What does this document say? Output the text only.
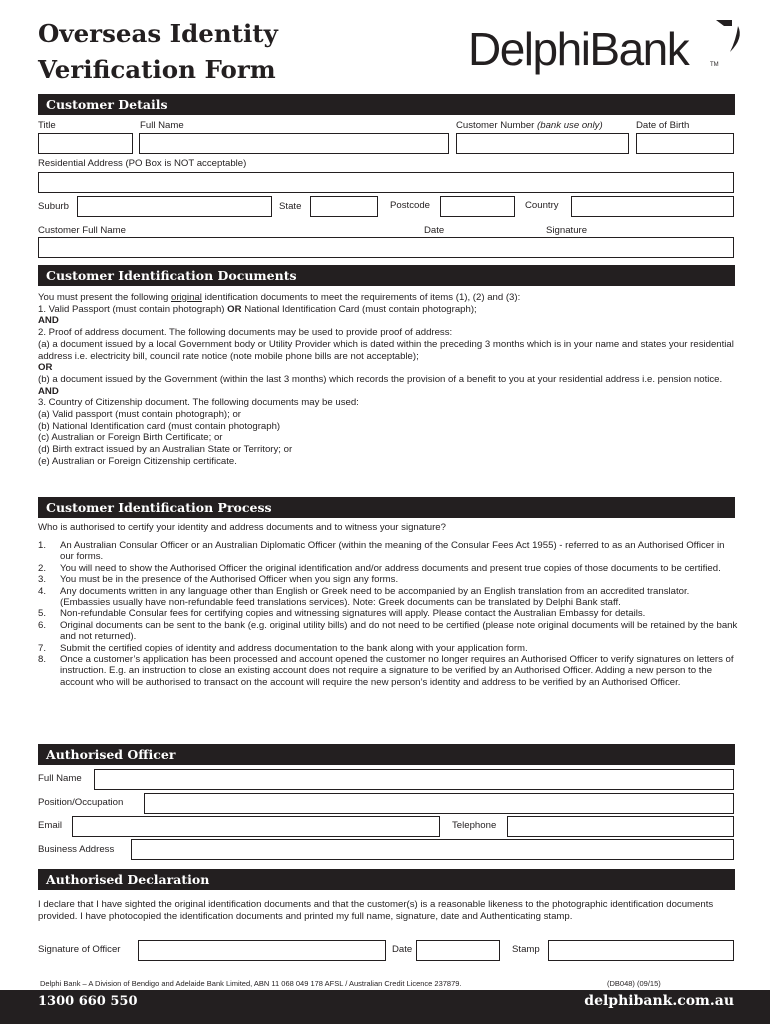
Overseas Identity
Verification Form	DelphiBank	TM
Customer Details
Title	Full Name	Customer Number (bank use only)	Date of Birth
Residential Address (PO Box is NOT acceptable)
Suburb	State	Postcode	Country
Customer Full Name	Date	Signature
Customer Identification Documents

You must present the following original identification documents to meet the requirements of items (1), (2) and (3):

1. Valid Passport (must contain photograph) OR National Identification Card (must contain photograph);

AND

2. Proof of address document. The following documents may be used to provide proof of address:

(a) a document issued by a local Government body or Utility Provider which is dated within the preceding 3 months which is in your name and states your residential address i.e. electricity bill, council rate notice (note mobile phone bills are not acceptable);

OR

(b) a document issued by the Government (within the last 3 months) which records the provision of a benefit to you at your residential address i.e. pension notice.

AND

3. Country of Citizenship document. The following documents may be used:

(a) Valid passport (must contain photograph); or

(b) National Identification card (must contain photograph)

(c) Australian or Foreign Birth Certificate; or

(d) Birth extract issued by an Australian State or Territory; or

(e) Australian or Foreign Citizenship certificate.

Customer Identification Process
Who is authorised to certify your identity and address documents and to witness your signature?
1. An Australian Consular Officer or an Australian Diplomatic Officer (within the meaning of the Consular Fees Act 1955) - referred to as an Authorised Officer in our forms.
2. You will need to show the Authorised Officer the original identification and/or address documents and present true copies of those documents to be certified.
3. You must be in the presence of the Authorised Officer when you sign any forms.
4. Any documents written in any language other than English or Greek need to be accompanied by an English translation from an accredited translator. (Embassies usually have non-refundable feed translations services). Note: Greek documents can be translated by Delphi Bank staff.
5. Non-refundable Consular fees for certifying copies and witnessing signatures will apply. Please contact the Australian Embassy for details.
6. Original documents can be sent to the bank (e.g. original utility bills) and do not need to be certified (please note original documents will be retained by the bank and not returned).
7. Submit the certified copies of identity and address documentation to the bank along with your application form.
8. Once a customer’s application has been processed and account opened the customer no longer requires an Authorised Officer to verify signatures on letters of instruction. E.g. an instruction to close an existing account does not require a signature to be verified by an Authorised Officer. Adding a new person to the account who will be authorised to transact on the account will require the new person’s identity and address to be verified by an Authorised Officer.
Authorised Officer
Full Name
Position/Occupation
Email	Telephone
Business Address
Authorised Declaration
I declare that I have sighted the original identification documents and that the customer(s) is a reasonable likeness to the photographic identification documents provided. I have photocopied the identification documents and printed my full name, signature, date and Authenticating stamp.
Signature of Officer	Date	Stamp
Delphi Bank – A Division of Bendigo and Adelaide Bank Limited, ABN 11 068 049 178 AFSL / Australian Credit Licence 237879.	(DB048) (09/15)
1300 660 550	delphibank.com.au
